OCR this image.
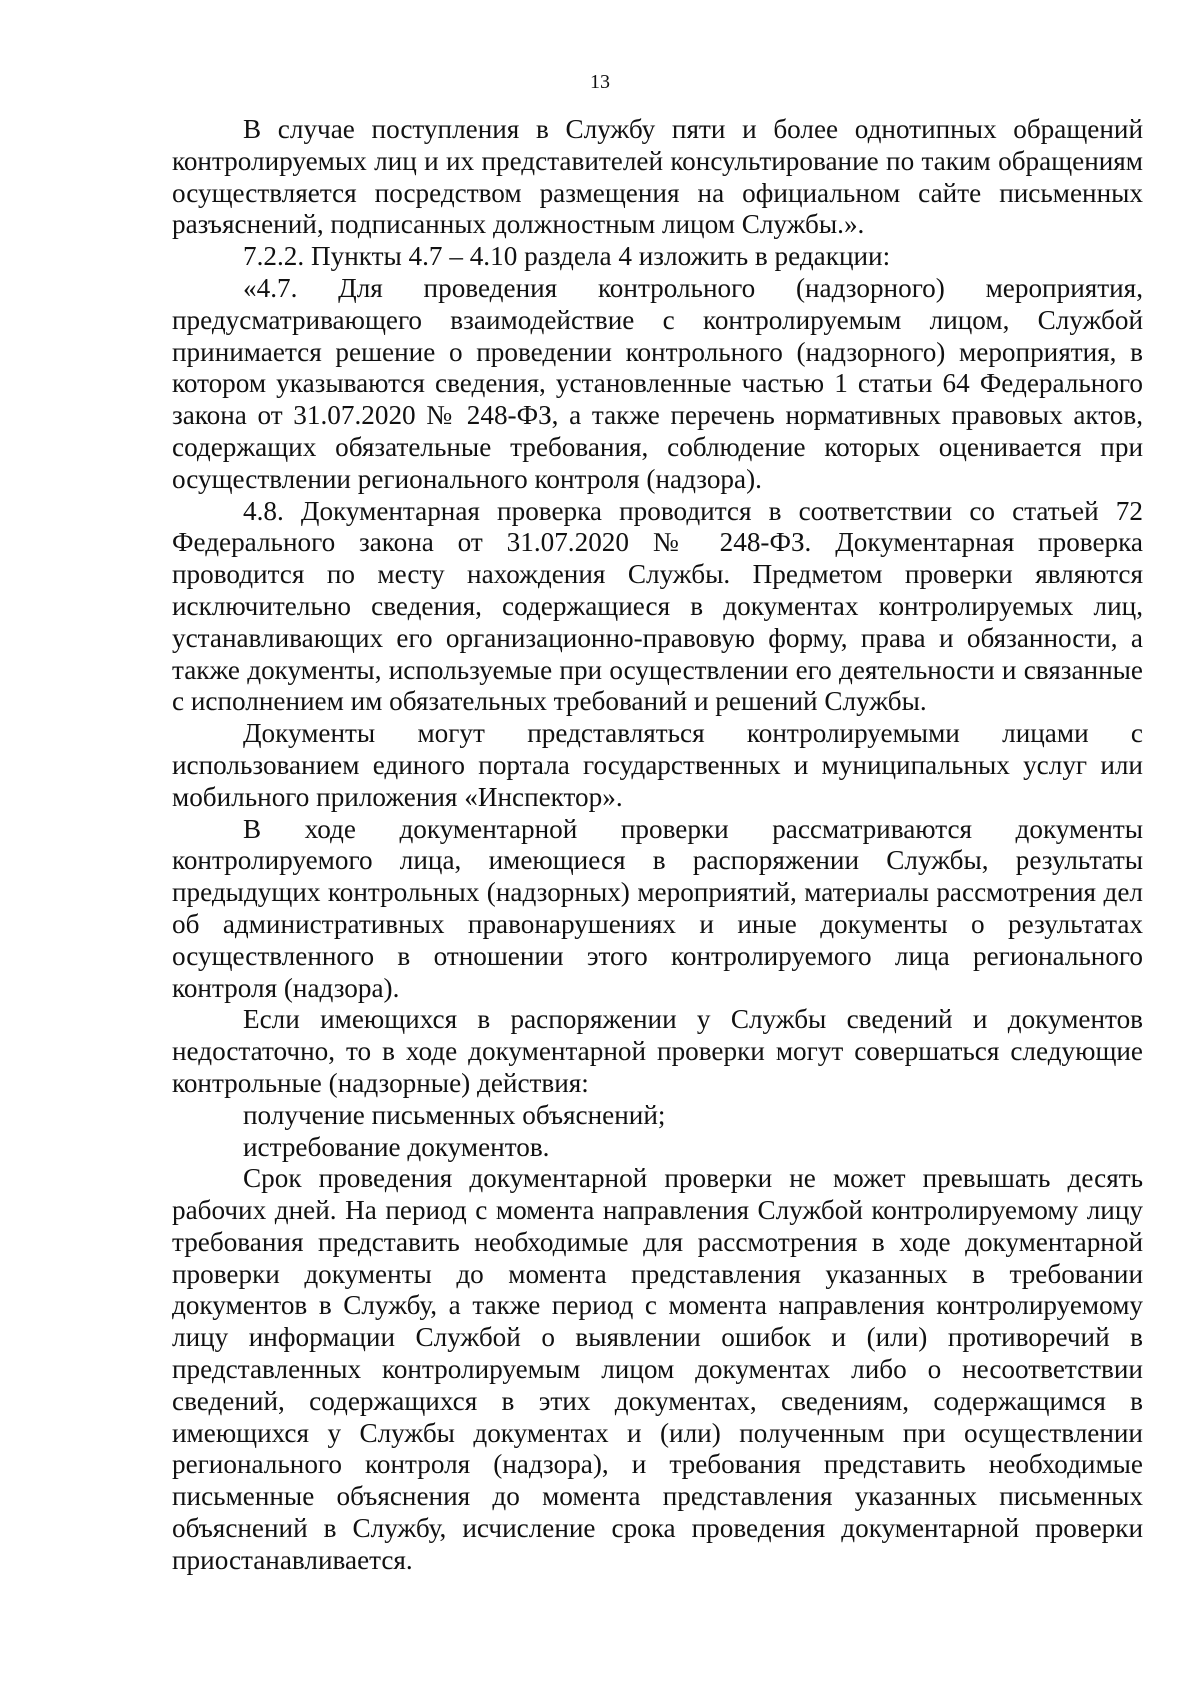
13

В случае поступления в Службу пяти и более однотипных обращений контролируемых лиц и их представителей консультирование по таким обращениям осуществляется посредством размещения на официальном сайте письменных разъяснений, подписанных должностным лицом Службы.».

7.2.2. Пункты 4.7 – 4.10 раздела 4 изложить в редакции:

«4.7. Для проведения контрольного (надзорного) мероприятия, предусматривающего взаимодействие с контролируемым лицом, Службой принимается решение о проведении контрольного (надзорного) мероприятия, в котором указываются сведения, установленные частью 1 статьи 64 Федерального закона от 31.07.2020 № 248-ФЗ, а также перечень нормативных правовых актов, содержащих обязательные требования, соблюдение которых оценивается при осуществлении регионального контроля (надзора).

4.8. Документарная проверка проводится в соответствии со статьей 72 Федерального закона от 31.07.2020 № 248-ФЗ. Документарная проверка проводится по месту нахождения Службы. Предметом проверки являются исключительно сведения, содержащиеся в документах контролируемых лиц, устанавливающих его организационно-правовую форму, права и обязанности, а также документы, используемые при осуществлении его деятельности и связанные с исполнением им обязательных требований и решений Службы.

Документы могут представляться контролируемыми лицами с использованием единого портала государственных и муниципальных услуг или мобильного приложения «Инспектор».

В ходе документарной проверки рассматриваются документы контролируемого лица, имеющиеся в распоряжении Службы, результаты предыдущих контрольных (надзорных) мероприятий, материалы рассмотрения дел об административных правонарушениях и иные документы о результатах осуществленного в отношении этого контролируемого лица регионального контроля (надзора).

Если имеющихся в распоряжении у Службы сведений и документов недостаточно, то в ходе документарной проверки могут совершаться следующие контрольные (надзорные) действия:

получение письменных объяснений;

истребование документов.

Срок проведения документарной проверки не может превышать десять рабочих дней. На период с момента направления Службой контролируемому лицу требования представить необходимые для рассмотрения в ходе документарной проверки документы до момента представления указанных в требовании документов в Службу, а также период с момента направления контролируемому лицу информации Службой о выявлении ошибок и (или) противоречий в представленных контролируемым лицом документах либо о несоответствии сведений, содержащихся в этих документах, сведениям, содержащимся в имеющихся у Службы документах и (или) полученным при осуществлении регионального контроля (надзора), и требования представить необходимые письменные объяснения до момента представления указанных письменных объяснений в Службу, исчисление срока проведения документарной проверки приостанавливается.
